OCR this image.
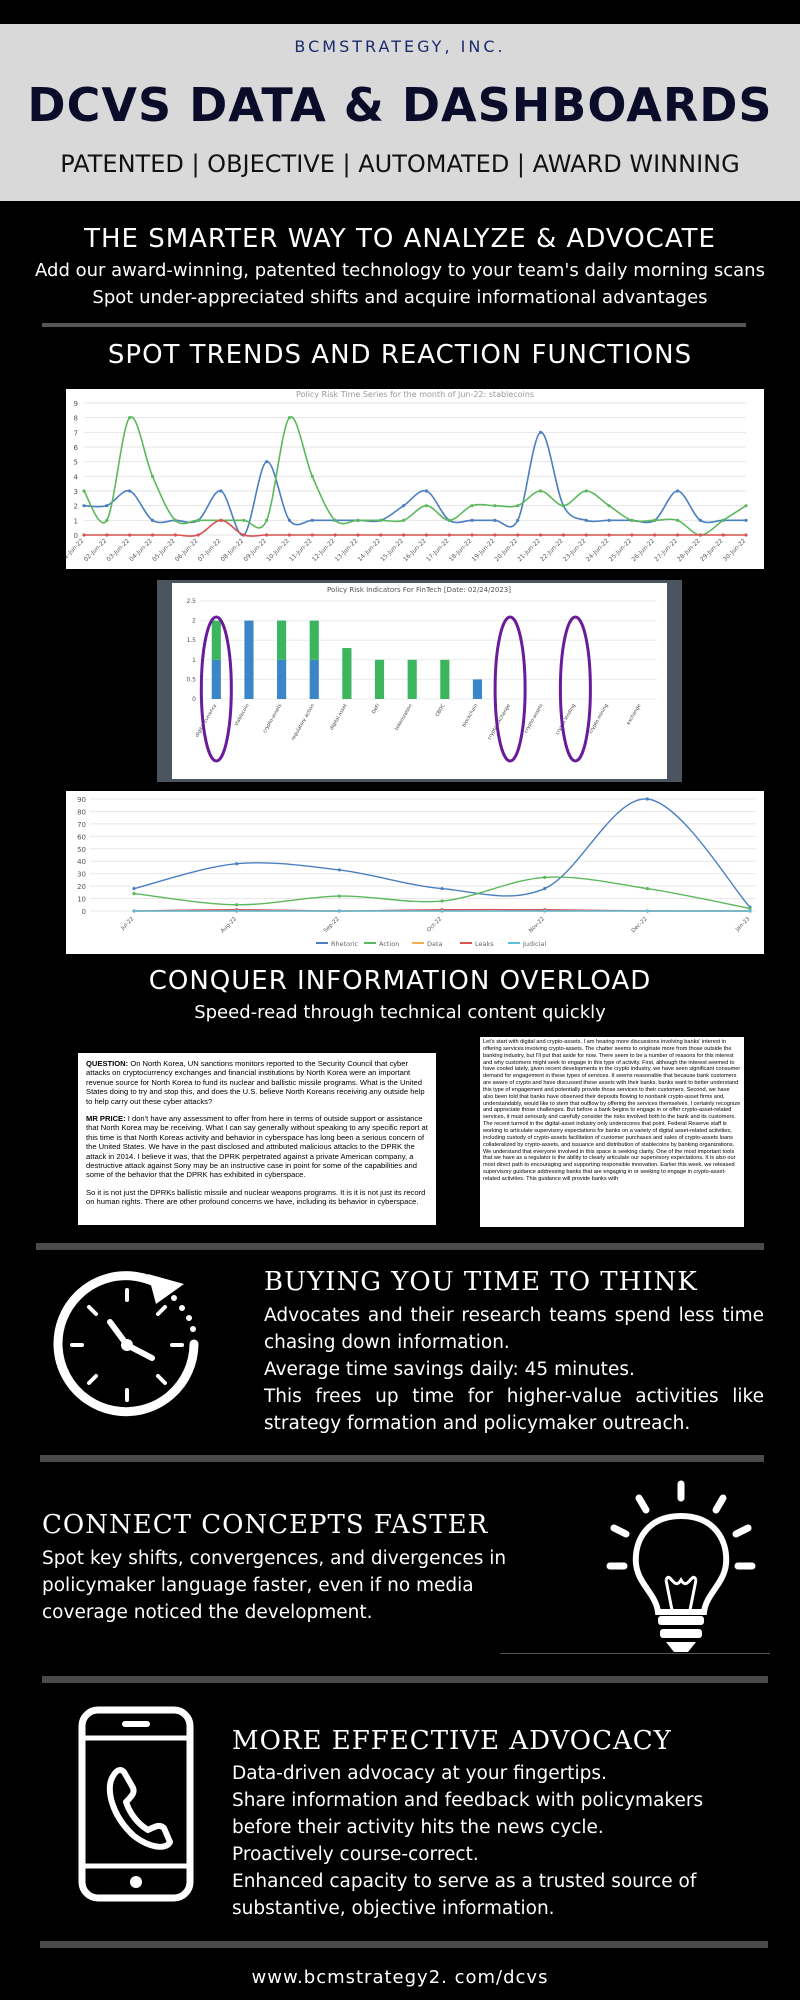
BCMSTRATEGY, INC.
DCVS DATA & DASHBOARDS
PATENTED | OBJECTIVE | AUTOMATED | AWARD WINNING
THE SMARTER WAY TO ANALYZE & ADVOCATE
Add our award-winning, patented technology to your team's daily morning scans
Spot under-appreciated shifts and acquire informational advantages
SPOT TRENDS AND REACTION FUNCTIONS
Policy Risk Time Series for the month of Jun-22: stablecoins
0
1
2
3
4
5
6
7
8
9
01-Jun-22
02-Jun-22
03-Jun-22
04-Jun-22
05-Jun-22
06-Jun-22
07-Jun-22
08-Jun-22
09-Jun-22
10-Jun-22
11-Jun-22
12-Jun-22
13-Jun-22
14-Jun-22
15-Jun-22
16-Jun-22
17-Jun-22
18-Jun-22
19-Jun-22
20-Jun-22
21-Jun-22
22-Jun-22
23-Jun-22
24-Jun-22
25-Jun-22
26-Jun-22
27-Jun-22
28-Jun-22
29-Jun-22
30-Jun-22
Policy Risk Indicators For FinTech [Date: 02/24/2023]
0
0.5
1
1.5
2
2.5
digital currency	stablecoin	crypto-assets regulatory action	digital asset	DeFi	tokenization	CBDC	blockchain crypto-exchange	crypto-assets crypto lending crypto mining	exchange
0
10
20
30
40
50
60
70
80
90
Jul-22	Aug-22	Sep-22	Oct-22	Nov-22	Dec-22	Jan-23
Rhetoric	Action	Data	Leaks	Judicial
CONQUER INFORMATION OVERLOAD
Speed-read through technical content quickly

QUESTION: On North Korea, UN sanctions monitors reported to the Security Council that cyber attacks on cryptocurrency exchanges and financial institutions by North Korea were an important revenue source for North Korea to fund its nuclear and ballistic missile programs. What is the United States doing to try and stop this, and does the U.S. believe North Koreans receiving any outside help to help carry out these cyber attacks?

MR PRICE: I don't have any assessment to offer from here in terms of outside support or assistance that North Korea may be receiving. What I can say generally without speaking to any specific report at this time is that North Koreas activity and behavior in cyberspace has long been a serious concern of the United States. We have in the past disclosed and attributed malicious attacks to the DPRK the attack in 2014. I believe it was, that the DPRK perpetrated against a private American company, a destructive attack against Sony may be an instructive case in point for some of the capabilities and some of the behavior that the DPRK has exhibited in cyberspace.

So it is not just the DPRKs ballistic missile and nuclear weapons programs. It is it is not just its record on human rights. There are other profound concerns we have, including its behavior in cyberspace.

Let's start with digital and crypto-assets. I am hearing more discussions involving banks' interest in offering services involving crypto-assets. The chatter seems to originate more from those outside the banking industry, but I'll put that aside for now. There seem to be a number of reasons for this interest and why customers might seek to engage in this type of activity. First, although the interest seemed to have cooled lately, given recent developments in the crypto industry, we have seen significant consumer demand for engagement in these types of services. It seems reasonable that because bank customers are aware of crypto and have discussed these assets with their banks, banks want to better understand this type of engagement and potentially provide those services to their customers. Second, we have also been told that banks have observed their deposits flowing to nonbank crypto-asset firms and, understandably, would like to stem that outflow by offering the services themselves. I certainly recognize and appreciate those challenges. But before a bank begins to engage in or offer crypto-asset-related services, it must seriously and carefully consider the risks involved both to the bank and its customers. The recent turmoil in the digital-asset industry only underscores that point. Federal Reserve staff is working to articulate supervisory expectations for banks on a variety of digital asset-related activities, including custody of crypto-assets facilitation of customer purchases and sales of crypto-assets loans collateralized by crypto-assets, and issuance and distribution of stablecoins by banking organizations. We understand that everyone involved in this space is seeking clarity. One of the most important tools that we have as a regulator is the ability to clearly articulate our supervisory expectations. It is also our most direct path to encouraging and supporting responsible innovation. Earlier this week, we released supervisory guidance addressing banks that are engaging in or seeking to engage in crypto-asset-related activities. This guidance will provide banks with

BUYING YOU TIME TO THINK
Advocates and their research teams spend less time chasing down information.
Average time savings daily: 45 minutes.
This frees up time for higher-value activities like strategy formation and policymaker outreach.
CONNECT CONCEPTS FASTER
Spot key shifts, convergences, and divergences in policymaker language faster, even if no media coverage noticed the development.
MORE EFFECTIVE ADVOCACY
Data-driven advocacy at your fingertips.
Share information and feedback with policymakers before their activity hits the news cycle.
Proactively course-correct.
Enhanced capacity to serve as a trusted source of substantive, objective information.
www.bcmstrategy2. com/dcvs
